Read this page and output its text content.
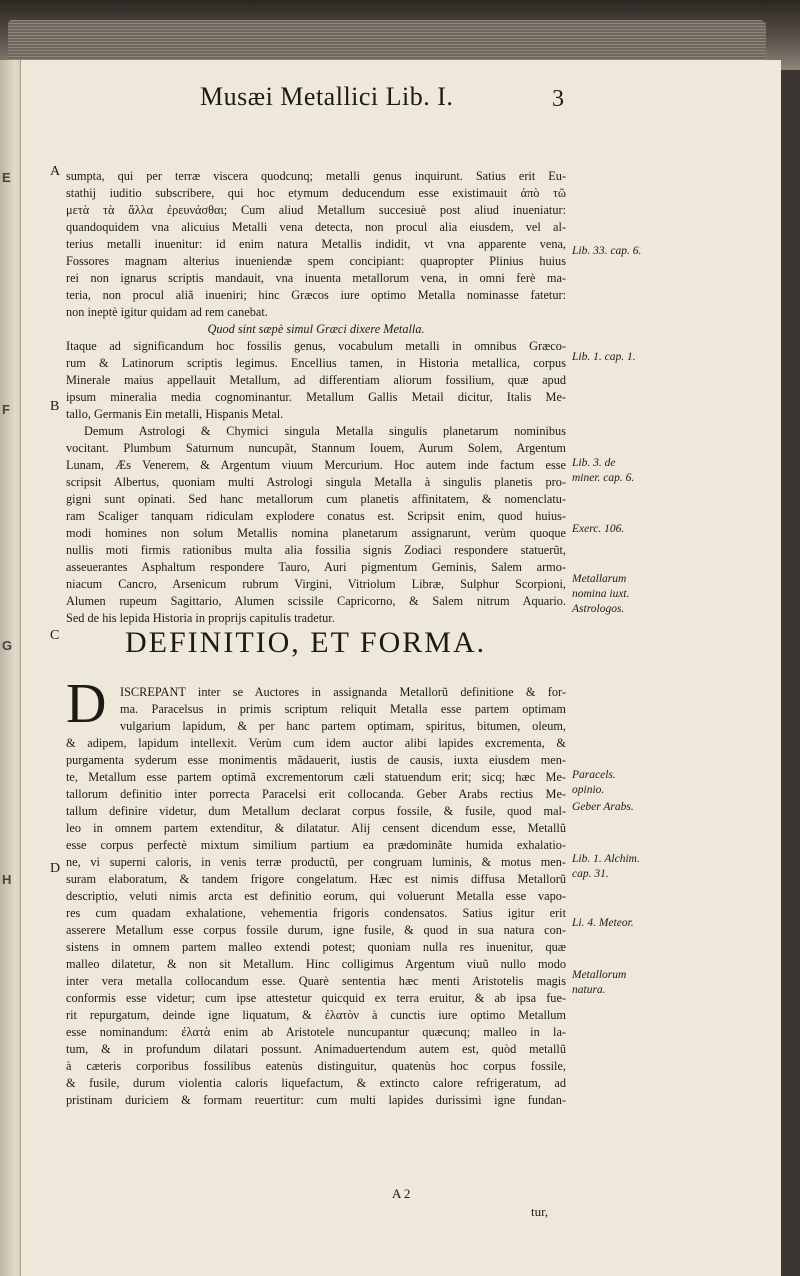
E
F
G
H
Musæi Metallici Lib. I.	3
A
B
C
D
sumpta, qui per terræ viscera quodcunq; metalli genus inquirunt. Satius erit Eu-
stathij iuditio subscribere, qui hoc etymum deducendum esse existimauit ἀπὸ τῶ
μετὰ τὰ ἄλλα ἐρευνάσθαι; Cum aliud Metallum succesiuè post aliud inueniatur:
quandoquidem vna alicuius Metalli vena detecta, non procul alia eiusdem, vel al-
terius metalli inuenitur: id enim natura Metallis indidit, vt vna apparente vena,
Fossores magnam alterius inueniendæ spem concipiant: quapropter Plinius huius
rei non ignarus scriptis mandauit, vna inuenta metallorum vena, in omni ferè ma-
teria, non procul aliã inueniri; hinc Græcos iure optimo Metalla nominasse fatetur:
non ineptè igitur quidam ad rem canebat.
Quod sint sæpè simul Græci dixere Metalla.
Itaque ad significandum hoc fossilis genus, vocabulum metalli in omnibus Græco-
rum & Latinorum scriptis legimus. Encellius tamen, in Historia metallica, corpus
Minerale maius appellauit Metallum, ad differentiam aliorum fossilium, quæ apud
ipsum mineralia media cognominantur. Metallum Gallis Metail dicitur, Italis Me-
tallo, Germanis Ein metalli, Hispanis Metal.
Demum Astrologi & Chymici singula Metalla singulis planetarum nominibus
vocitant. Plumbum Saturnum nuncupãt, Stannum Iouem, Aurum Solem, Argentum
Lunam, Æs Venerem, & Argentum viuum Mercurium. Hoc autem inde factum esse
scripsit Albertus, quoniam multi Astrologi singula Metalla à singulis planetis pro-
gigni sunt opinati. Sed hanc metallorum cum planetis affinitatem, & nomenclatu-
ram Scaliger tanquam ridiculam explodere conatus est. Scripsit enim, quod huius-
modi homines non solum Metallis nomina planetarum assignarunt, verùm quoque
nullis moti firmis rationibus multa alia fossilia signis Zodiaci respondere statuerũt,
asseuerantes Asphaltum respondere Tauro, Auri pigmentum Geminis, Salem armo-
niacum Cancro, Arsenicum rubrum Virgini, Vitriolum Libræ, Sulphur Scorpioni,
Alumen rupeum Sagittario, Alumen scissile Capricorno, & Salem nitrum Aquario.
Sed de his lepida Historia in proprijs capitulis tradetur.
DEFINITIO, ET FORMA.
D ISCREPANT inter se Auctores in assignanda Metallorũ definitione & for-
ma. Paracelsus in primis scriptum reliquit Metalla esse partem optimam
vulgarium lapidum, & per hanc partem optimam, spiritus, bitumen, oleum,
& adipem, lapidum intellexit. Verùm cum idem auctor alibi lapides excrementa, &
purgamenta syderum esse monimentis mãdauerit, iustis de causis, iuxta eiusdem men-
te, Metallum esse partem optimã excrementorum cæli statuendum erit; sicq; hæc Me-
tallorum definitio inter porrecta Paracelsi erit collocanda. Geber Arabs rectius Me-
tallum definire videtur, dum Metallum declarat corpus fossile, & fusile, quod mal-
leo in omnem partem extenditur, & dilatatur. Alij censent dicendum esse, Metallũ
esse corpus perfectè mixtum similium partium ea prædominãte humida exhalatio-
ne, vi superni caloris, in venis terræ productũ, per congruam luminis, & motus men-
suram elaboratum, & tandem frigore congelatum. Hæc est nimis diffusa Metallorũ
descriptio, veluti nimis arcta est definitio eorum, qui voluerunt Metalla esse vapo-
res cum quadam exhalatione, vehementia frigoris condensatos. Satius igitur erit
asserere Metallum esse corpus fossile durum, igne fusile, & quod in sua natura con-
sistens in omnem partem malleo extendi potest; quoniam nulla res inuenitur, quæ
malleo dilatetur, & non sit Metallum. Hinc colligimus Argentum viuũ nullo modo
inter vera metalla collocandum esse. Quarè sententia hæc menti Aristotelis magis
conformis esse videtur; cum ipse attestetur quicquid ex terra eruitur, & ab ipsa fue-
rit repurgatum, deinde igne liquatum, & ἐλατὸν à cunctis iure optimo Metallum
esse nominandum: ἐλατὰ enim ab Aristotele nuncupantur quæcunq; malleo in la-
tum, & in profundum dilatari possunt. Animaduertendum autem est, quòd metallũ
à cæteris corporibus fossilibus eatenùs distinguitur, quatenùs hoc corpus fossile,
& fusile, durum violentia caloris liquefactum, & extincto calore refrigeratum, ad
pristinam duriciem & formam reuertitur: cum multi lapides durissimi igne fundan-
Lib. 33. cap. 6.
Lib. 1. cap. 1.
Lib. 3. de miner. cap. 6.
Exerc. 106.
Metallarum nomina iuxt. Astrologos.
Paracels. opinio.
Geber Arabs.
Lib. 1. Alchim. cap. 31.
Li. 4. Meteor.
Metallorum natura.
A 2
tur,
